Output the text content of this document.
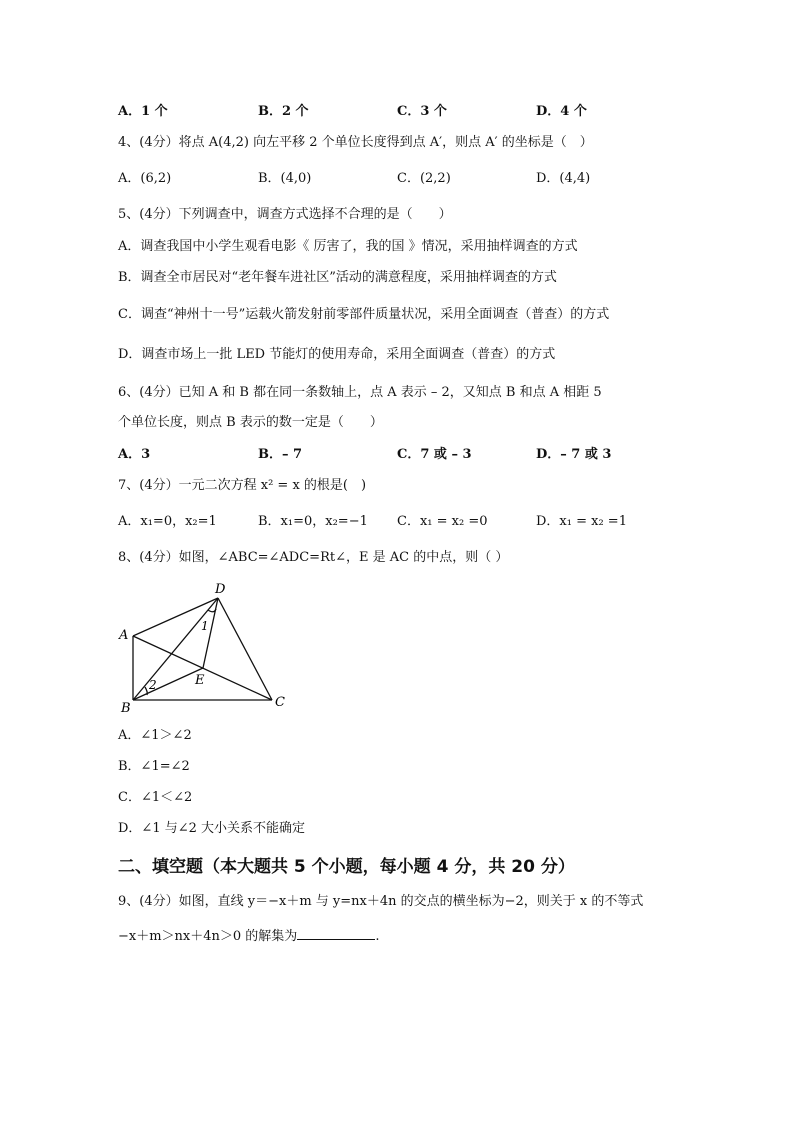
A．1 个	B．2 个	C．3 个	D．4 个
4、(4分）将点 A(4,2) 向左平移 2 个单位长度得到点 A′，则点 A′ 的坐标是（　）
A．(6,2)	B．(4,0)	C．(2,2)	D．(4,4)
5、(4分）下列调查中，调查方式选择不合理的是（　　）
A．调查我国中小学生观看电影《 厉害了，我的国 》情况，采用抽样调查的方式
B．调查全市居民对“老年餐车进社区”活动的满意程度，采用抽样调查的方式
C．调查“神州十一号”运载火箭发射前零部件质量状况，采用全面调查（普查）的方式
D．调查市场上一批 LED 节能灯的使用寿命，采用全面调查（普查）的方式
6、(4分）已知 A 和 B 都在同一条数轴上，点 A 表示 – 2，又知点 B 和点 A 相距 5
个单位长度，则点 B 表示的数一定是（　　）
A．3	B．– 7	C．7 或 – 3	D．– 7 或 3
7、(4分）一元二次方程 x² = x 的根是(　)
A．x₁=0，x₂=1	B．x₁=0，x₂=−1 C．x₁ = x₂ =0	D．x₁ = x₂ =1
8、(4分）如图，∠ABC=∠ADC=Rt∠，E 是 AC 的中点，则（ ）
A
B	C
D
E
1
2
A．∠1＞∠2
B．∠1=∠2
C．∠1＜∠2
D．∠1 与∠2 大小关系不能确定
二、填空题（本大题共 5 个小题，每小题 4 分，共 20 分）
9、(4分）如图，直线 y＝−x＋m 与 y=nx＋4n 的交点的横坐标为−2，则关于 x 的不等式
−x＋m＞nx＋4n＞0 的解集为	.
